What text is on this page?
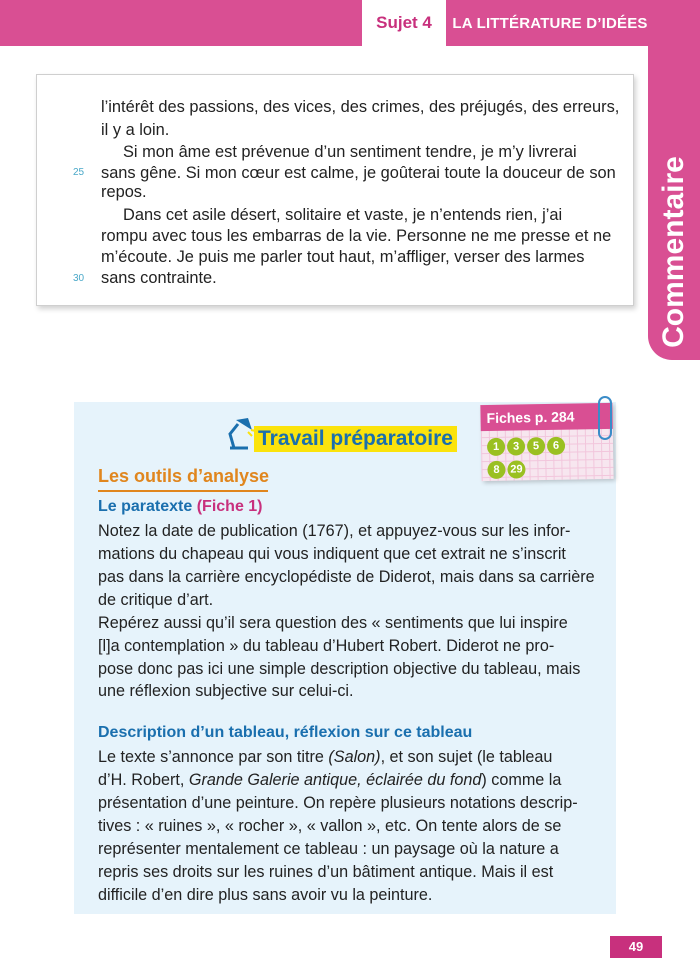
Sujet 4	LA LITTÉRATURE D’IDÉES
Commentaire
l’intérêt des passions, des vices, des crimes, des préjugés, des erreurs,
il y a loin.
Si mon âme est prévenue d’un sentiment tendre, je m’y livrerai
25 sans gêne. Si mon cœur est calme, je goûterai toute la douceur de son
repos.
Dans cet asile désert, solitaire et vaste, je n’entends rien, j’ai
rompu avec tous les embarras de la vie. Personne ne me presse et ne
m’écoute. Je puis me parler tout haut, m’affliger, verser des larmes
30 sans contrainte.
Travail préparatoire
Les outils d’analyse
Le paratexte (Fiche 1)
Notez la date de publication (1767), et appuyez-vous sur les infor-
mations du chapeau qui vous indiquent que cet extrait ne s’inscrit
pas dans la carrière encyclopédiste de Diderot, mais dans sa carrière
de critique d’art.
Repérez aussi qu’il sera question des « sentiments que lui inspire
[l]a contemplation » du tableau d’Hubert Robert. Diderot ne pro-
pose donc pas ici une simple description objective du tableau, mais
une réflexion subjective sur celui-ci.
Description d’un tableau, réflexion sur ce tableau
Le texte s’annonce par son titre (Salon), et son sujet (le tableau
d’H. Robert, Grande Galerie antique, éclairée du fond) comme la
présentation d’une peinture. On repère plusieurs notations descrip-
tives : « ruines », « rocher », « vallon », etc. On tente alors de se
représenter mentalement ce tableau : un paysage où la nature a
repris ses droits sur les ruines d’un bâtiment antique. Mais il est
difficile d’en dire plus sans avoir vu la peinture.
Fiches p. 284
1 3 5 6
8 29
49
